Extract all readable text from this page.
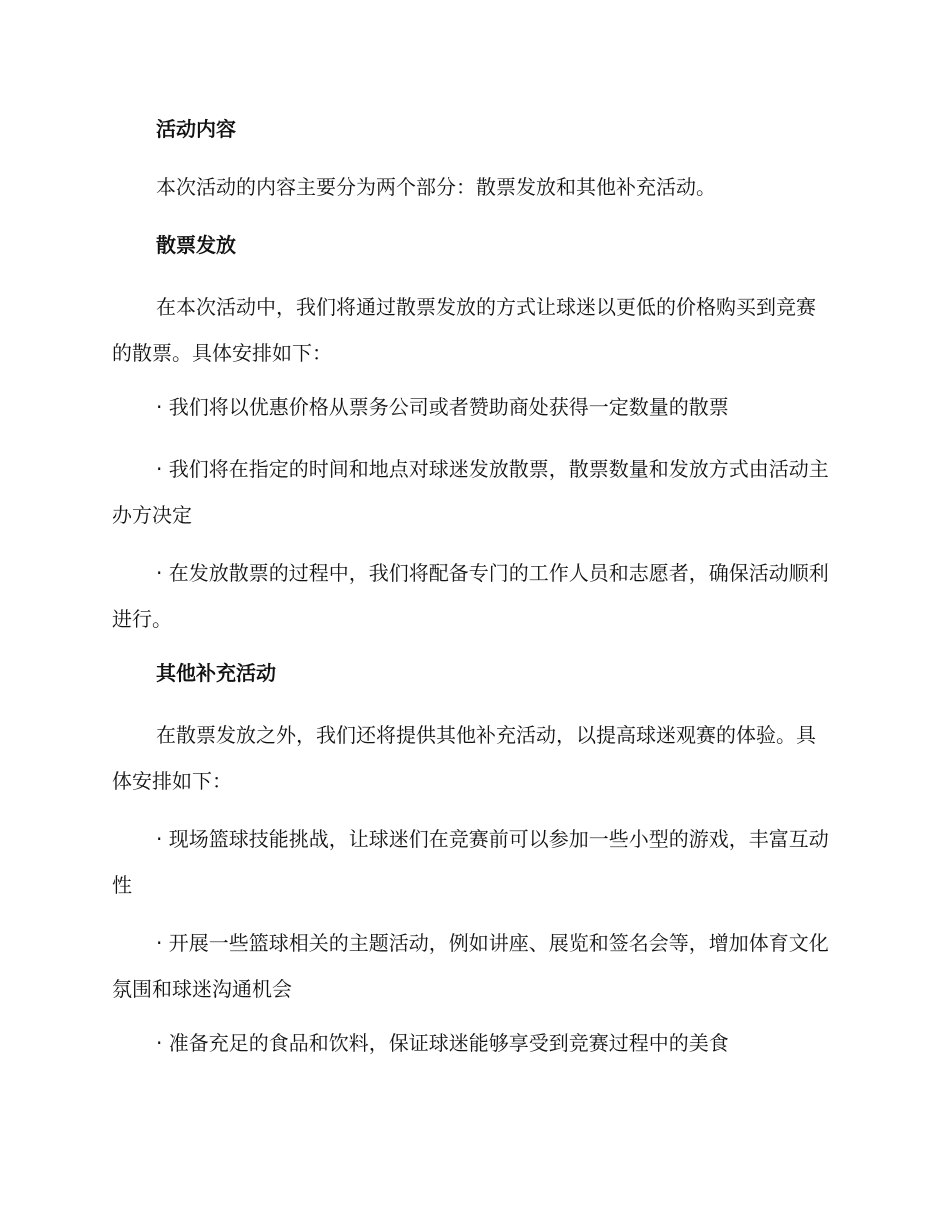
活动内容
本次活动的内容主要分为两个部分：散票发放和其他补充活动。
散票发放
在本次活动中，我们将通过散票发放的方式让球迷以更低的价格购买到竞赛的散票。具体安排如下：
· 我们将以优惠价格从票务公司或者赞助商处获得一定数量的散票
· 我们将在指定的时间和地点对球迷发放散票，散票数量和发放方式由活动主办方决定
· 在发放散票的过程中，我们将配备专门的工作人员和志愿者，确保活动顺利进行。
其他补充活动
在散票发放之外，我们还将提供其他补充活动，以提高球迷观赛的体验。具体安排如下：
· 现场篮球技能挑战，让球迷们在竞赛前可以参加一些小型的游戏，丰富互动性
· 开展一些篮球相关的主题活动，例如讲座、展览和签名会等，增加体育文化氛围和球迷沟通机会
· 准备充足的食品和饮料，保证球迷能够享受到竞赛过程中的美食
